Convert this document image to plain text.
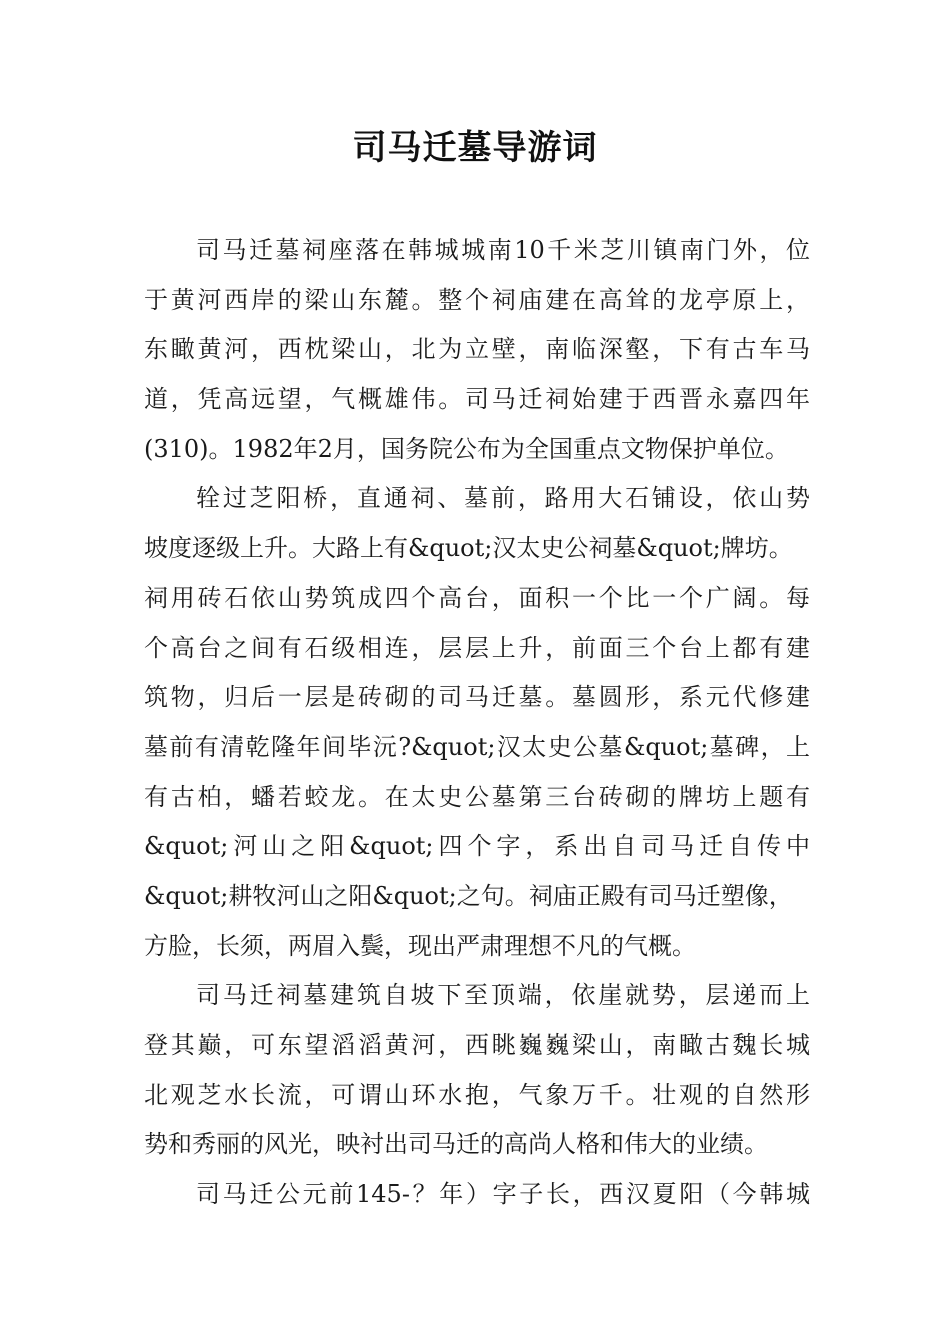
司马迁墓导游词
司马迁墓祠座落在韩城城南10千米芝川镇南门外，位
于黄河西岸的梁山东麓。整个祠庙建在高耸的龙亭原上，
东瞰黄河，西枕梁山，北为立壁，南临深壑，下有古车马
道，凭高远望，气概雄伟。司马迁祠始建于西晋永嘉四年
(310)。1982年2月，国务院公布为全国重点文物保护单位。
辁过芝阳桥，直通祠、墓前，路用大石铺设，依山势
坡度逐级上升。大路上有&quot;汉太史公祠墓&quot;牌坊。
祠用砖石依山势筑成四个高台，面积一个比一个广阔。每
个高台之间有石级相连，层层上升，前面三个台上都有建
筑物，归后一层是砖砌的司马迁墓。墓圆形，系元代修建
墓前有清乾隆年间毕沅?&quot;汉太史公墓&quot;墓碑，上
有古柏，蟠若蛟龙。在太史公墓第三台砖砌的牌坊上题有
&quot;河山之阳&quot;四个字，系出自司马迁自传中
&quot;耕牧河山之阳&quot;之句。祠庙正殿有司马迁塑像，
方脸，长须，两眉入鬓，现出严肃理想不凡的气概。
司马迁祠墓建筑自坡下至顶端，依崖就势，层递而上
登其巅，可东望滔滔黄河，西眺巍巍梁山，南瞰古魏长城
北观芝水长流，可谓山环水抱，气象万千。壮观的自然形
势和秀丽的风光，映衬出司马迁的高尚人格和伟大的业绩。
司马迁公元前145-？年）字子长，西汉夏阳（今韩城
